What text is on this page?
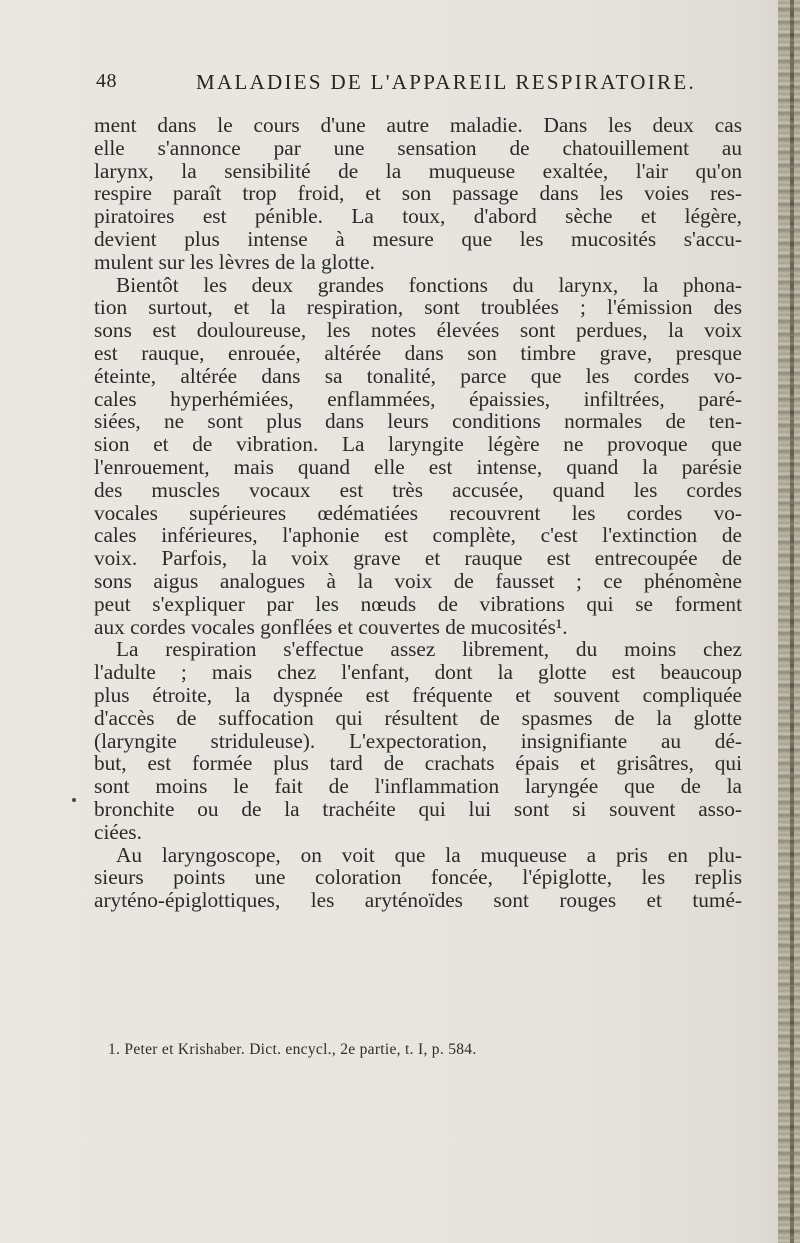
48	MALADIES DE L'APPAREIL RESPIRATOIRE.
ment dans le cours d'une autre maladie. Dans les deux cas
elle s'annonce par une sensation de chatouillement au
larynx, la sensibilité de la muqueuse exaltée, l'air qu'on
respire paraît trop froid, et son passage dans les voies res-
piratoires est pénible. La toux, d'abord sèche et légère,
devient plus intense à mesure que les mucosités s'accu-
mulent sur les lèvres de la glotte.
Bientôt les deux grandes fonctions du larynx, la phona-
tion surtout, et la respiration, sont troublées ; l'émission des
sons est douloureuse, les notes élevées sont perdues, la voix
est rauque, enrouée, altérée dans son timbre grave, presque
éteinte, altérée dans sa tonalité, parce que les cordes vo-
cales hyperhémiées, enflammées, épaissies, infiltrées, paré-
siées, ne sont plus dans leurs conditions normales de ten-
sion et de vibration. La laryngite légère ne provoque que
l'enrouement, mais quand elle est intense, quand la parésie
des muscles vocaux est très accusée, quand les cordes
vocales supérieures œdématiées recouvrent les cordes vo-
cales inférieures, l'aphonie est complète, c'est l'extinction de
voix. Parfois, la voix grave et rauque est entrecoupée de
sons aigus analogues à la voix de fausset ; ce phénomène
peut s'expliquer par les nœuds de vibrations qui se forment
aux cordes vocales gonflées et couvertes de mucosités¹.
La respiration s'effectue assez librement, du moins chez
l'adulte ; mais chez l'enfant, dont la glotte est beaucoup
plus étroite, la dyspnée est fréquente et souvent compliquée
d'accès de suffocation qui résultent de spasmes de la glotte
(laryngite striduleuse). L'expectoration, insignifiante au dé-
but, est formée plus tard de crachats épais et grisâtres, qui
sont moins le fait de l'inflammation laryngée que de la
bronchite ou de la trachéite qui lui sont si souvent asso-
ciées.
Au laryngoscope, on voit que la muqueuse a pris en plu-
sieurs points une coloration foncée, l'épiglotte, les replis
aryténo-épiglottiques, les aryténoïdes sont rouges et tumé-
1. Peter et Krishaber. Dict. encycl., 2e partie, t. I, p. 584.
